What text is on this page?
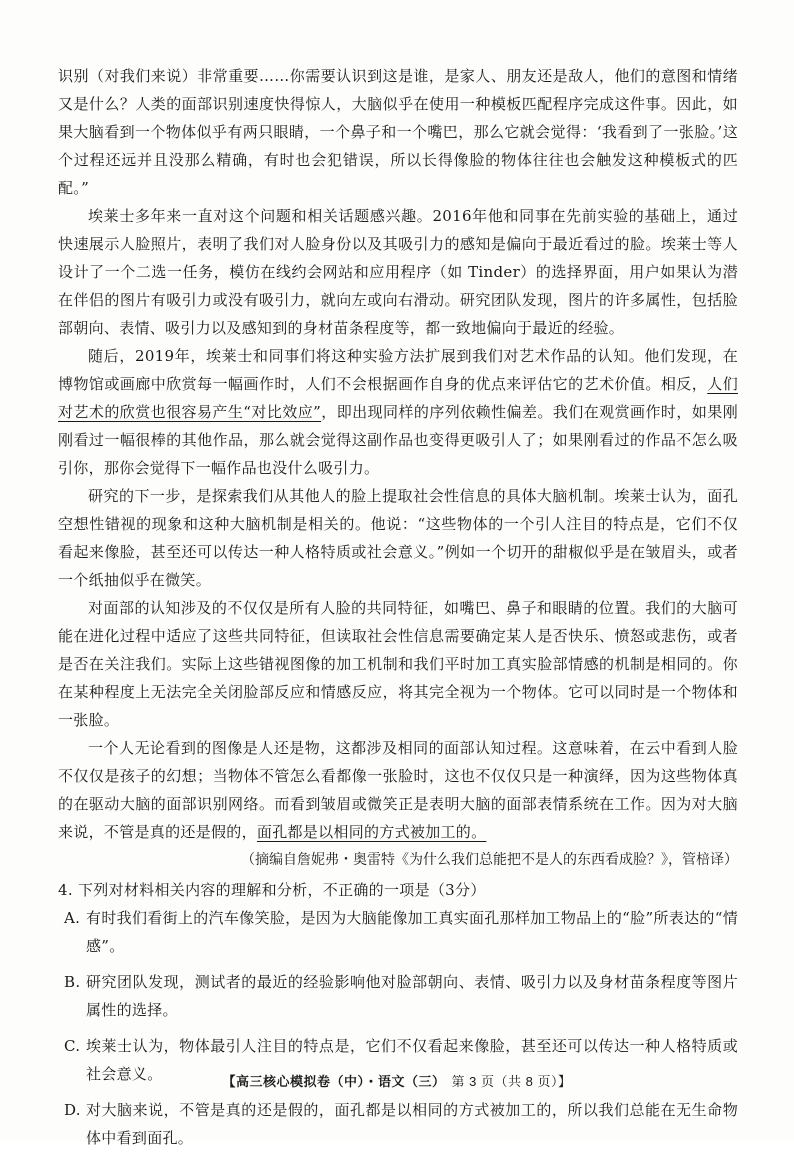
识别（对我们来说）非常重要……你需要认识到这是谁，是家人、朋友还是敌人，他们的意图和情绪又是什么？人类的面部识别速度快得惊人，大脑似乎在使用一种模板匹配程序完成这件事。因此，如果大脑看到一个物体似乎有两只眼睛，一个鼻子和一个嘴巴，那么它就会觉得：‘我看到了一张脸。’这个过程还远并且没那么精确，有时也会犯错误，所以长得像脸的物体往往也会触发这种模板式的匹配。”

埃莱士多年来一直对这个问题和相关话题感兴趣。2016年他和同事在先前实验的基础上，通过快速展示人脸照片，表明了我们对人脸身份以及其吸引力的感知是偏向于最近看过的脸。埃莱士等人设计了一个二选一任务，模仿在线约会网站和应用程序（如 Tinder）的选择界面，用户如果认为潜在伴侣的图片有吸引力或没有吸引力，就向左或向右滑动。研究团队发现，图片的许多属性，包括脸部朝向、表情、吸引力以及感知到的身材苗条程度等，都一致地偏向于最近的经验。

随后，2019年，埃莱士和同事们将这种实验方法扩展到我们对艺术作品的认知。他们发现，在博物馆或画廊中欣赏每一幅画作时，人们不会根据画作自身的优点来评估它的艺术价值。相反，人们对艺术的欣赏也很容易产生“对比效应”，即出现同样的序列依赖性偏差。我们在观赏画作时，如果刚刚看过一幅很棒的其他作品，那么就会觉得这副作品也变得更吸引人了；如果刚看过的作品不怎么吸引你，那你会觉得下一幅作品也没什么吸引力。

研究的下一步，是探索我们从其他人的脸上提取社会性信息的具体大脑机制。埃莱士认为，面孔空想性错视的现象和这种大脑机制是相关的。他说：“这些物体的一个引人注目的特点是，它们不仅看起来像脸，甚至还可以传达一种人格特质或社会意义。”例如一个切开的甜椒似乎是在皱眉头，或者一个纸抽似乎在微笑。

对面部的认知涉及的不仅仅是所有人脸的共同特征，如嘴巴、鼻子和眼睛的位置。我们的大脑可能在进化过程中适应了这些共同特征，但读取社会性信息需要确定某人是否快乐、愤怒或悲伤，或者是否在关注我们。实际上这些错视图像的加工机制和我们平时加工真实脸部情感的机制是相同的。你在某种程度上无法完全关闭脸部反应和情感反应，将其完全视为一个物体。它可以同时是一个物体和一张脸。

一个人无论看到的图像是人还是物，这都涉及相同的面部认知过程。这意味着，在云中看到人脸不仅仅是孩子的幻想；当物体不管怎么看都像一张脸时，这也不仅仅只是一种演绎，因为这些物体真的在驱动大脑的面部识别网络。而看到皱眉或微笑正是表明大脑的面部表情系统在工作。因为对大脑来说，不管是真的还是假的，面孔都是以相同的方式被加工的。

（摘编自詹妮弗・奥雷特《为什么我们总能把不是人的东西看成脸？》，管棓译）

4. 下列对材料相关内容的理解和分析，不正确的一项是（3分）

A. 有时我们看街上的汽车像笑脸，是因为大脑能像加工真实面孔那样加工物品上的“脸”所表达的“情感”。
B. 研究团队发现，测试者的最近的经验影响他对脸部朝向、表情、吸引力以及身材苗条程度等图片属性的选择。
C. 埃莱士认为，物体最引人注目的特点是，它们不仅看起来像脸，甚至还可以传达一种人格特质或社会意义。
D. 对大脑来说，不管是真的还是假的，面孔都是以相同的方式被加工的，所以我们总能在无生命物体中看到面孔。
【高三核心模拟卷（中）・语文（三） 第 3 页（共 8 页）】
